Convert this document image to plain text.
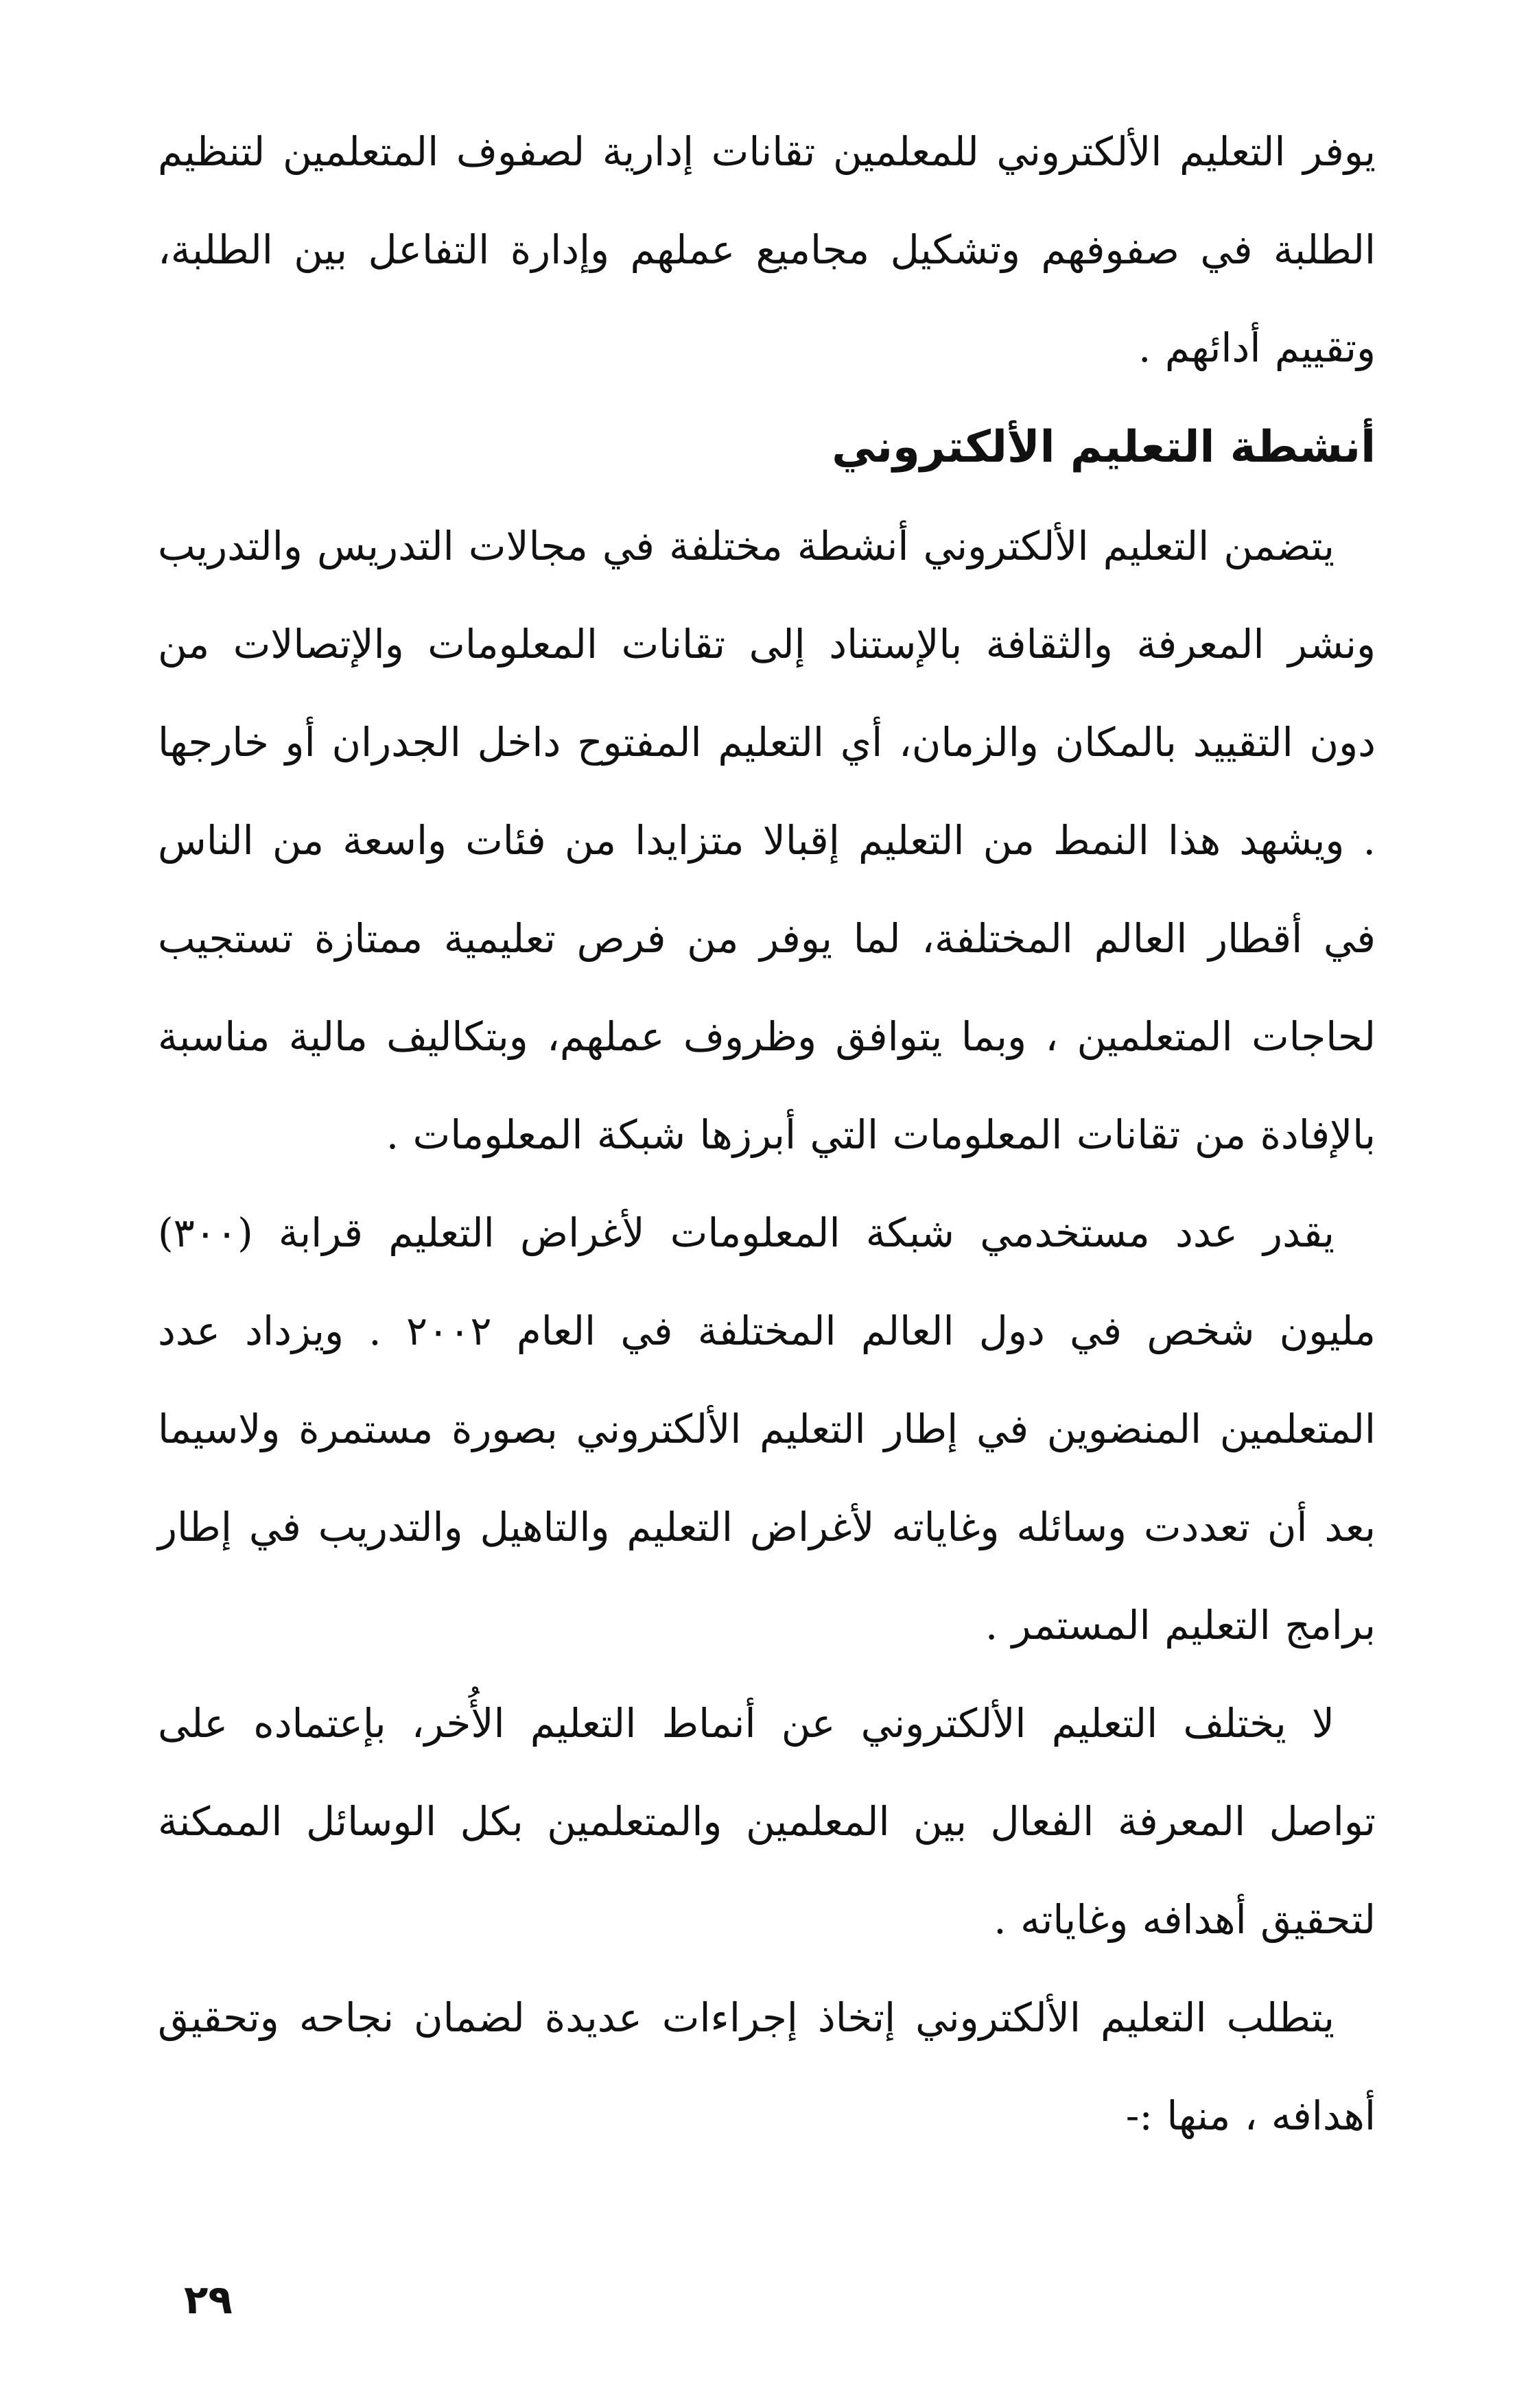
يوفر التعليم الألكتروني للمعلمين تقانات إدارية لصفوف المتعلمين لتنظيم الطلبة في صفوفهم وتشكيل مجاميع عملهم وإدارة التفاعل بين الطلبة، وتقييم أدائهم .

أنشطة التعليم الألكتروني

يتضمن التعليم الألكتروني أنشطة مختلفة في مجالات التدريس والتدريب ونشر المعرفة والثقافة بالإستناد إلى تقانات المعلومات والإتصالات من دون التقييد بالمكان والزمان، أي التعليم المفتوح داخل الجدران أو خارجها . ويشهد هذا النمط من التعليم إقبالا متزايدا من فئات واسعة من الناس في أقطار العالم المختلفة، لما يوفر من فرص تعليمية ممتازة تستجيب لحاجات المتعلمين ، وبما يتوافق وظروف عملهم، وبتكاليف مالية مناسبة بالإفادة من تقانات المعلومات التي أبرزها شبكة المعلومات .

يقدر عدد مستخدمي شبكة المعلومات لأغراض التعليم قرابة (٣٠٠) مليون شخص في دول العالم المختلفة في العام ٢٠٠٢ . ويزداد عدد المتعلمين المنضوين في إطار التعليم الألكتروني بصورة مستمرة ولاسيما بعد أن تعددت وسائله وغاياته لأغراض التعليم والتاهيل والتدريب في إطار برامج التعليم المستمر .

لا يختلف التعليم الألكتروني عن أنماط التعليم الأُخر، بإعتماده على تواصل المعرفة الفعال بين المعلمين والمتعلمين بكل الوسائل الممكنة لتحقيق أهدافه وغاياته .

يتطلب التعليم الألكتروني إتخاذ إجراءات عديدة لضمان نجاحه وتحقيق أهدافه ، منها :-

٢٩
